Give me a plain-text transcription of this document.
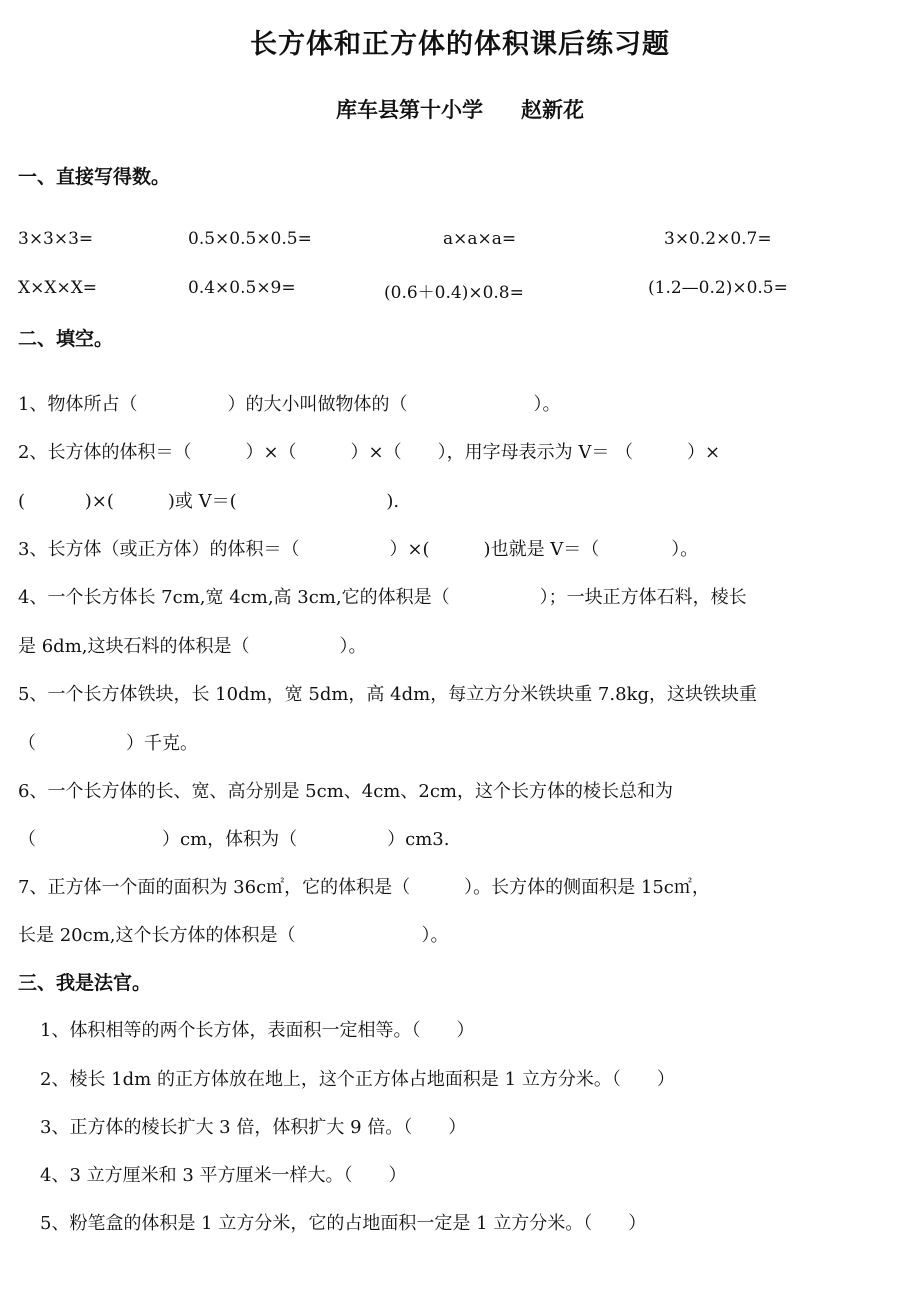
长方体和正方体的体积课后练习题
库车县第十小学 赵新花
一、直接写得数。
3×3×3=	0.5×0.5×0.5=	a×a×a=	3×0.2×0.7=
X×X×X=	0.4×0.5×9=	(0.6＋0.4)×0.8=	(1.2—0.2)×0.5=
二、填空。
1、物体所占（　　　　　）的大小叫做物体的（　　　　　　　）。
2、长方体的体积＝（　　　）×（　　　）×（　　），用字母表示为 V＝ （　　　）×
(　　　 )×(　　　)或 V＝(　　　　　　　　 ).
3、长方体（或正方体）的体积＝（　　　　　）×(　　　)也就是 V＝（　　　　）。
4、一个长方体长 7cm,宽 4cm,高 3cm,它的体积是（　　　　　）；一块正方体石料，棱长
是 6dm,这块石料的体积是（　　　　　）。
5、一个长方体铁块，长 10dm，宽 5dm，高 4dm，每立方分米铁块重 7.8kg，这块铁块重
（　　　　　）千克。
6、一个长方体的长、宽、高分别是 5cm、4cm、2cm，这个长方体的棱长总和为
（　　　　　　　）cm，体积为（　　　　　）cm3.
7、正方体一个面的面积为 36c㎡，它的体积是（　　　）。长方体的侧面积是 15c㎡，
长是 20cm,这个长方体的体积是（　　　　　　　）。
三、我是法官。
1、体积相等的两个长方体，表面积一定相等。（　　）
2、棱长 1dm 的正方体放在地上，这个正方体占地面积是 1 立方分米。（　　）
3、正方体的棱长扩大 3 倍，体积扩大 9 倍。（　　）
4、3 立方厘米和 3 平方厘米一样大。（　　）
5、粉笔盒的体积是 1 立方分米，它的占地面积一定是 1 立方分米。（　　）
